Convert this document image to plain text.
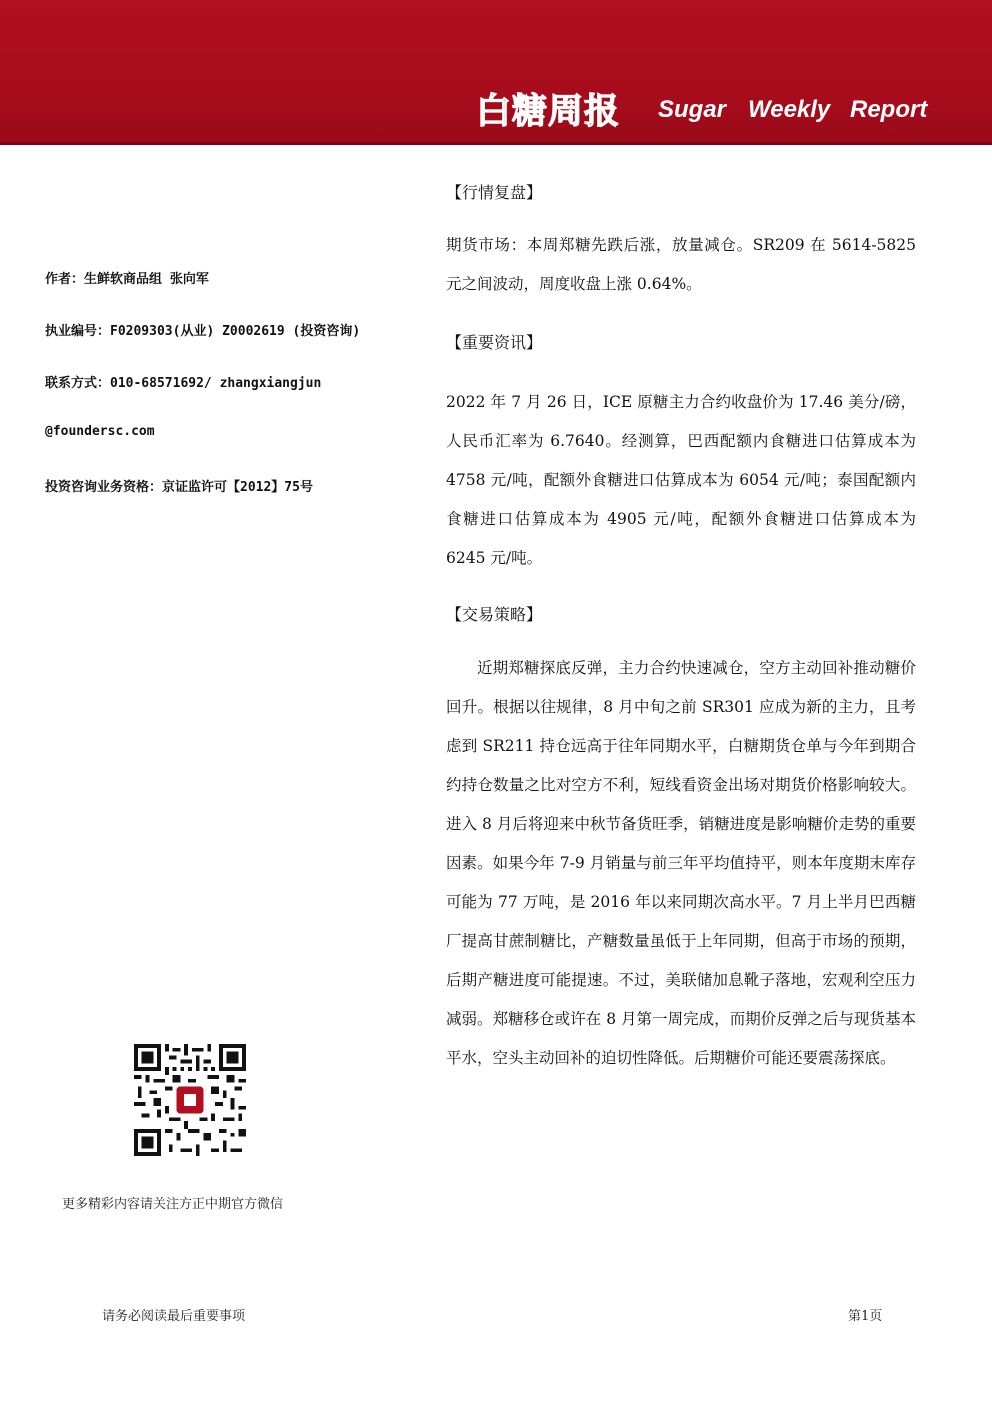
白糖周报 Sugar Weekly Report
作者：生鲜软商品组 张向军
执业编号：F0209303(从业) Z0002619 (投资咨询)
联系方式：010-68571692/ zhangxiangjun
@foundersc.com
投资咨询业务资格：京证监许可【2012】75号
更多精彩内容请关注方正中期官方微信
【行情复盘】

期货市场：本周郑糖先跌后涨，放量减仓。SR209 在 5614-5825 元之间波动，周度收盘上涨 0.64%。

【重要资讯】

2022 年 7 月 26 日，ICE 原糖主力合约收盘价为 17.46 美分/磅，人民币汇率为 6.7640。经测算，巴西配额内食糖进口估算成本为 4758 元/吨，配额外食糖进口估算成本为 6054 元/吨；泰国配额内食糖进口估算成本为 4905 元/吨，配额外食糖进口估算成本为 6245 元/吨。

【交易策略】

近期郑糖探底反弹，主力合约快速减仓，空方主动回补推动糖价回升。根据以往规律，8 月中旬之前 SR301 应成为新的主力，且考虑到 SR211 持仓远高于往年同期水平，白糖期货仓单与今年到期合约持仓数量之比对空方不利，短线看资金出场对期货价格影响较大。进入 8 月后将迎来中秋节备货旺季，销糖进度是影响糖价走势的重要因素。如果今年 7-9 月销量与前三年平均值持平，则本年度期末库存可能为 77 万吨，是 2016 年以来同期次高水平。7 月上半月巴西糖厂提高甘蔗制糖比，产糖数量虽低于上年同期，但高于市场的预期，后期产糖进度可能提速。不过，美联储加息靴子落地，宏观利空压力减弱。郑糖移仓或许在 8 月第一周完成，而期价反弹之后与现货基本平水，空头主动回补的迫切性降低。后期糖价可能还要震荡探底。

请务必阅读最后重要事项	第1页
